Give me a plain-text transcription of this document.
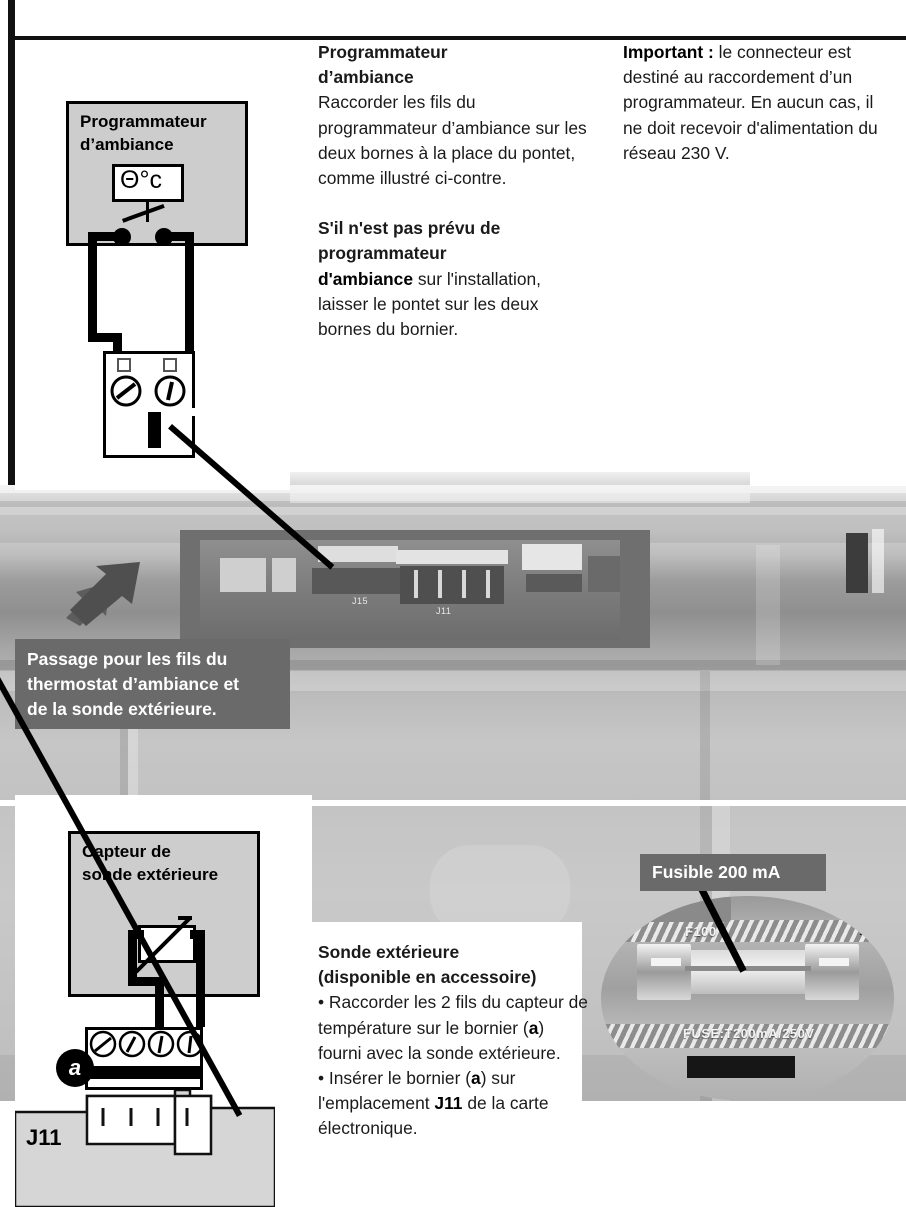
J15
J11
Passage pour les fils du
thermostat d’ambiance et
de la sonde extérieure.
F100
FUSE:T200mA/250V
A E
1 2
Fusible 200 mA
Programmateur
d’ambiance
Θ°c
Capteur de
sonde extérieure
a
J11

Programmateur

d’ambiance

Raccorder les fils du programmateur d’ambiance sur les deux bornes à la place du pontet, comme illustré ci-contre.

S'il n'est pas prévu de

programmateur

d'ambiance sur l'installation, laisser le pontet sur les deux bornes du bornier.

Important : le connecteur est destiné au raccordement d’un programmateur. En aucun cas, il ne doit recevoir d'alimentation du réseau 230 V.

Sonde extérieure

(disponible en accessoire)

• Raccorder les 2 fils du capteur de température sur le bornier (a) fourni avec la sonde extérieure.

• Insérer le bornier (a) sur l'emplacement J11 de la carte électronique.
